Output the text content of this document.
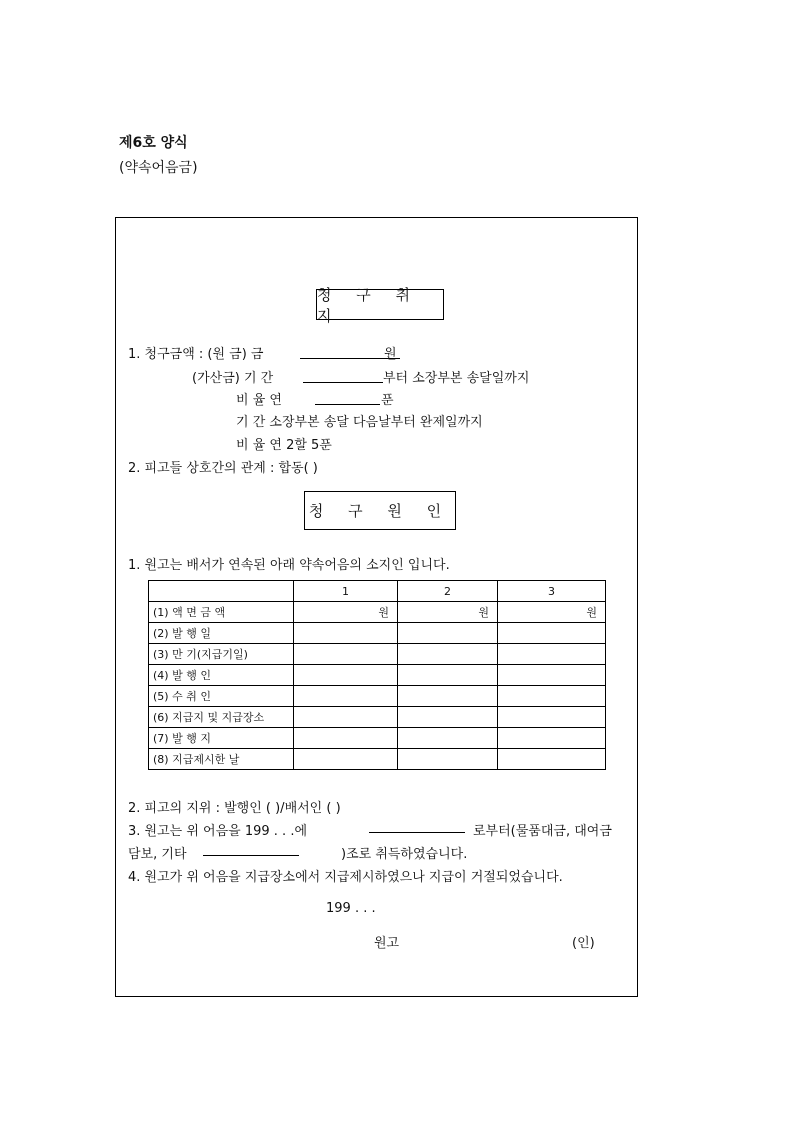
제6호 양식
(약속어음금)
청 구 취 지
1. 청구금액 : (원 금) 금	원
(가산금) 기 간	부터 소장부본 송달일까지
비 율 연	푼
기 간 소장부본 송달 다음날부터 완제일까지
비 율 연 2할 5푼
2. 피고들 상호간의 관계 : 합동( )
청 구 원 인
1. 원고는 배서가 연속된 아래 약속어음의 소지인 입니다.
	1	2	3
(1) 액 면 금 액	원	원	원
(2) 발 행 일			
(3) 만 기(지급기일)			
(4) 발 행 인			
(5) 수 취 인			
(6) 지급지 및 지급장소			
(7) 발 행 지			
(8) 지급제시한 날			
2. 피고의 지위 : 발행인 ( )/배서인 ( )
3. 원고는 위 어음을 199 . . .에	로부터(물품대금, 대여금
담보, 기타	)조로 취득하였습니다.
4. 원고가 위 어음을 지급장소에서 지급제시하였으나 지급이 거절되었습니다.
199 . . .
원고	(인)
